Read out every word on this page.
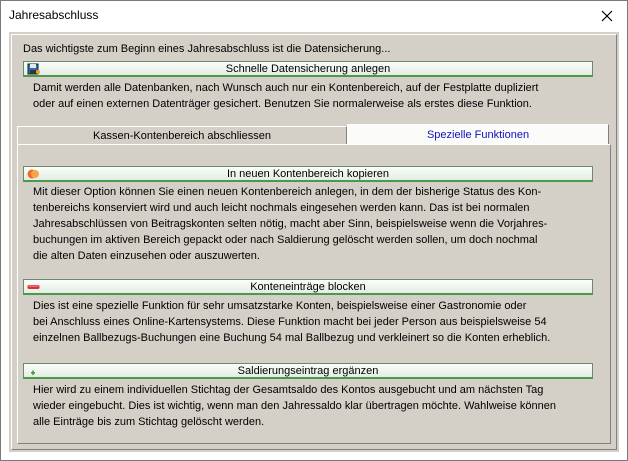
Jahresabschluss
Das wichtigste zum Beginn eines Jahresabschluss ist die Datensicherung...
Schnelle Datensicherung anlegen
Damit werden alle Datenbanken, nach Wunsch auch nur ein Kontenbereich, auf der Festplatte dupliziert
oder auf einen externen Datenträger gesichert. Benutzen Sie normalerweise als erstes diese Funktion.
Kassen-Kontenbereich abschliessen	Spezielle Funktionen
In neuen Kontenbereich kopieren
Mit dieser Option können Sie einen neuen Kontenbereich anlegen, in dem der bisherige Status des Kon-
tenbereichs konserviert wird und auch leicht nochmals eingesehen werden kann. Das ist bei normalen
Jahresabschlüssen von Beitragskonten selten nötig, macht aber Sinn, beispielsweise wenn die Vorjahres-
buchungen im aktiven Bereich gepackt oder nach Saldierung gelöscht werden sollen, um doch nochmal
die alten Daten einzusehen oder auszuwerten.
Konteneinträge blocken
Dies ist eine spezielle Funktion für sehr umsatzstarke Konten, beispielsweise einer Gastronomie oder
bei Anschluss eines Online-Kartensystems. Diese Funktion macht bei jeder Person aus beispielsweise 54
einzelnen Ballbezugs-Buchungen eine Buchung 54 mal Ballbezug und verkleinert so die Konten erheblich.
Saldierungseintrag ergänzen
Hier wird zu einem individuellen Stichtag der Gesamtsaldo des Kontos ausgebucht und am nächsten Tag
wieder eingebucht. Dies ist wichtig, wenn man den Jahressaldo klar übertragen möchte. Wahlweise können
alle Einträge bis zum Stichtag gelöscht werden.
